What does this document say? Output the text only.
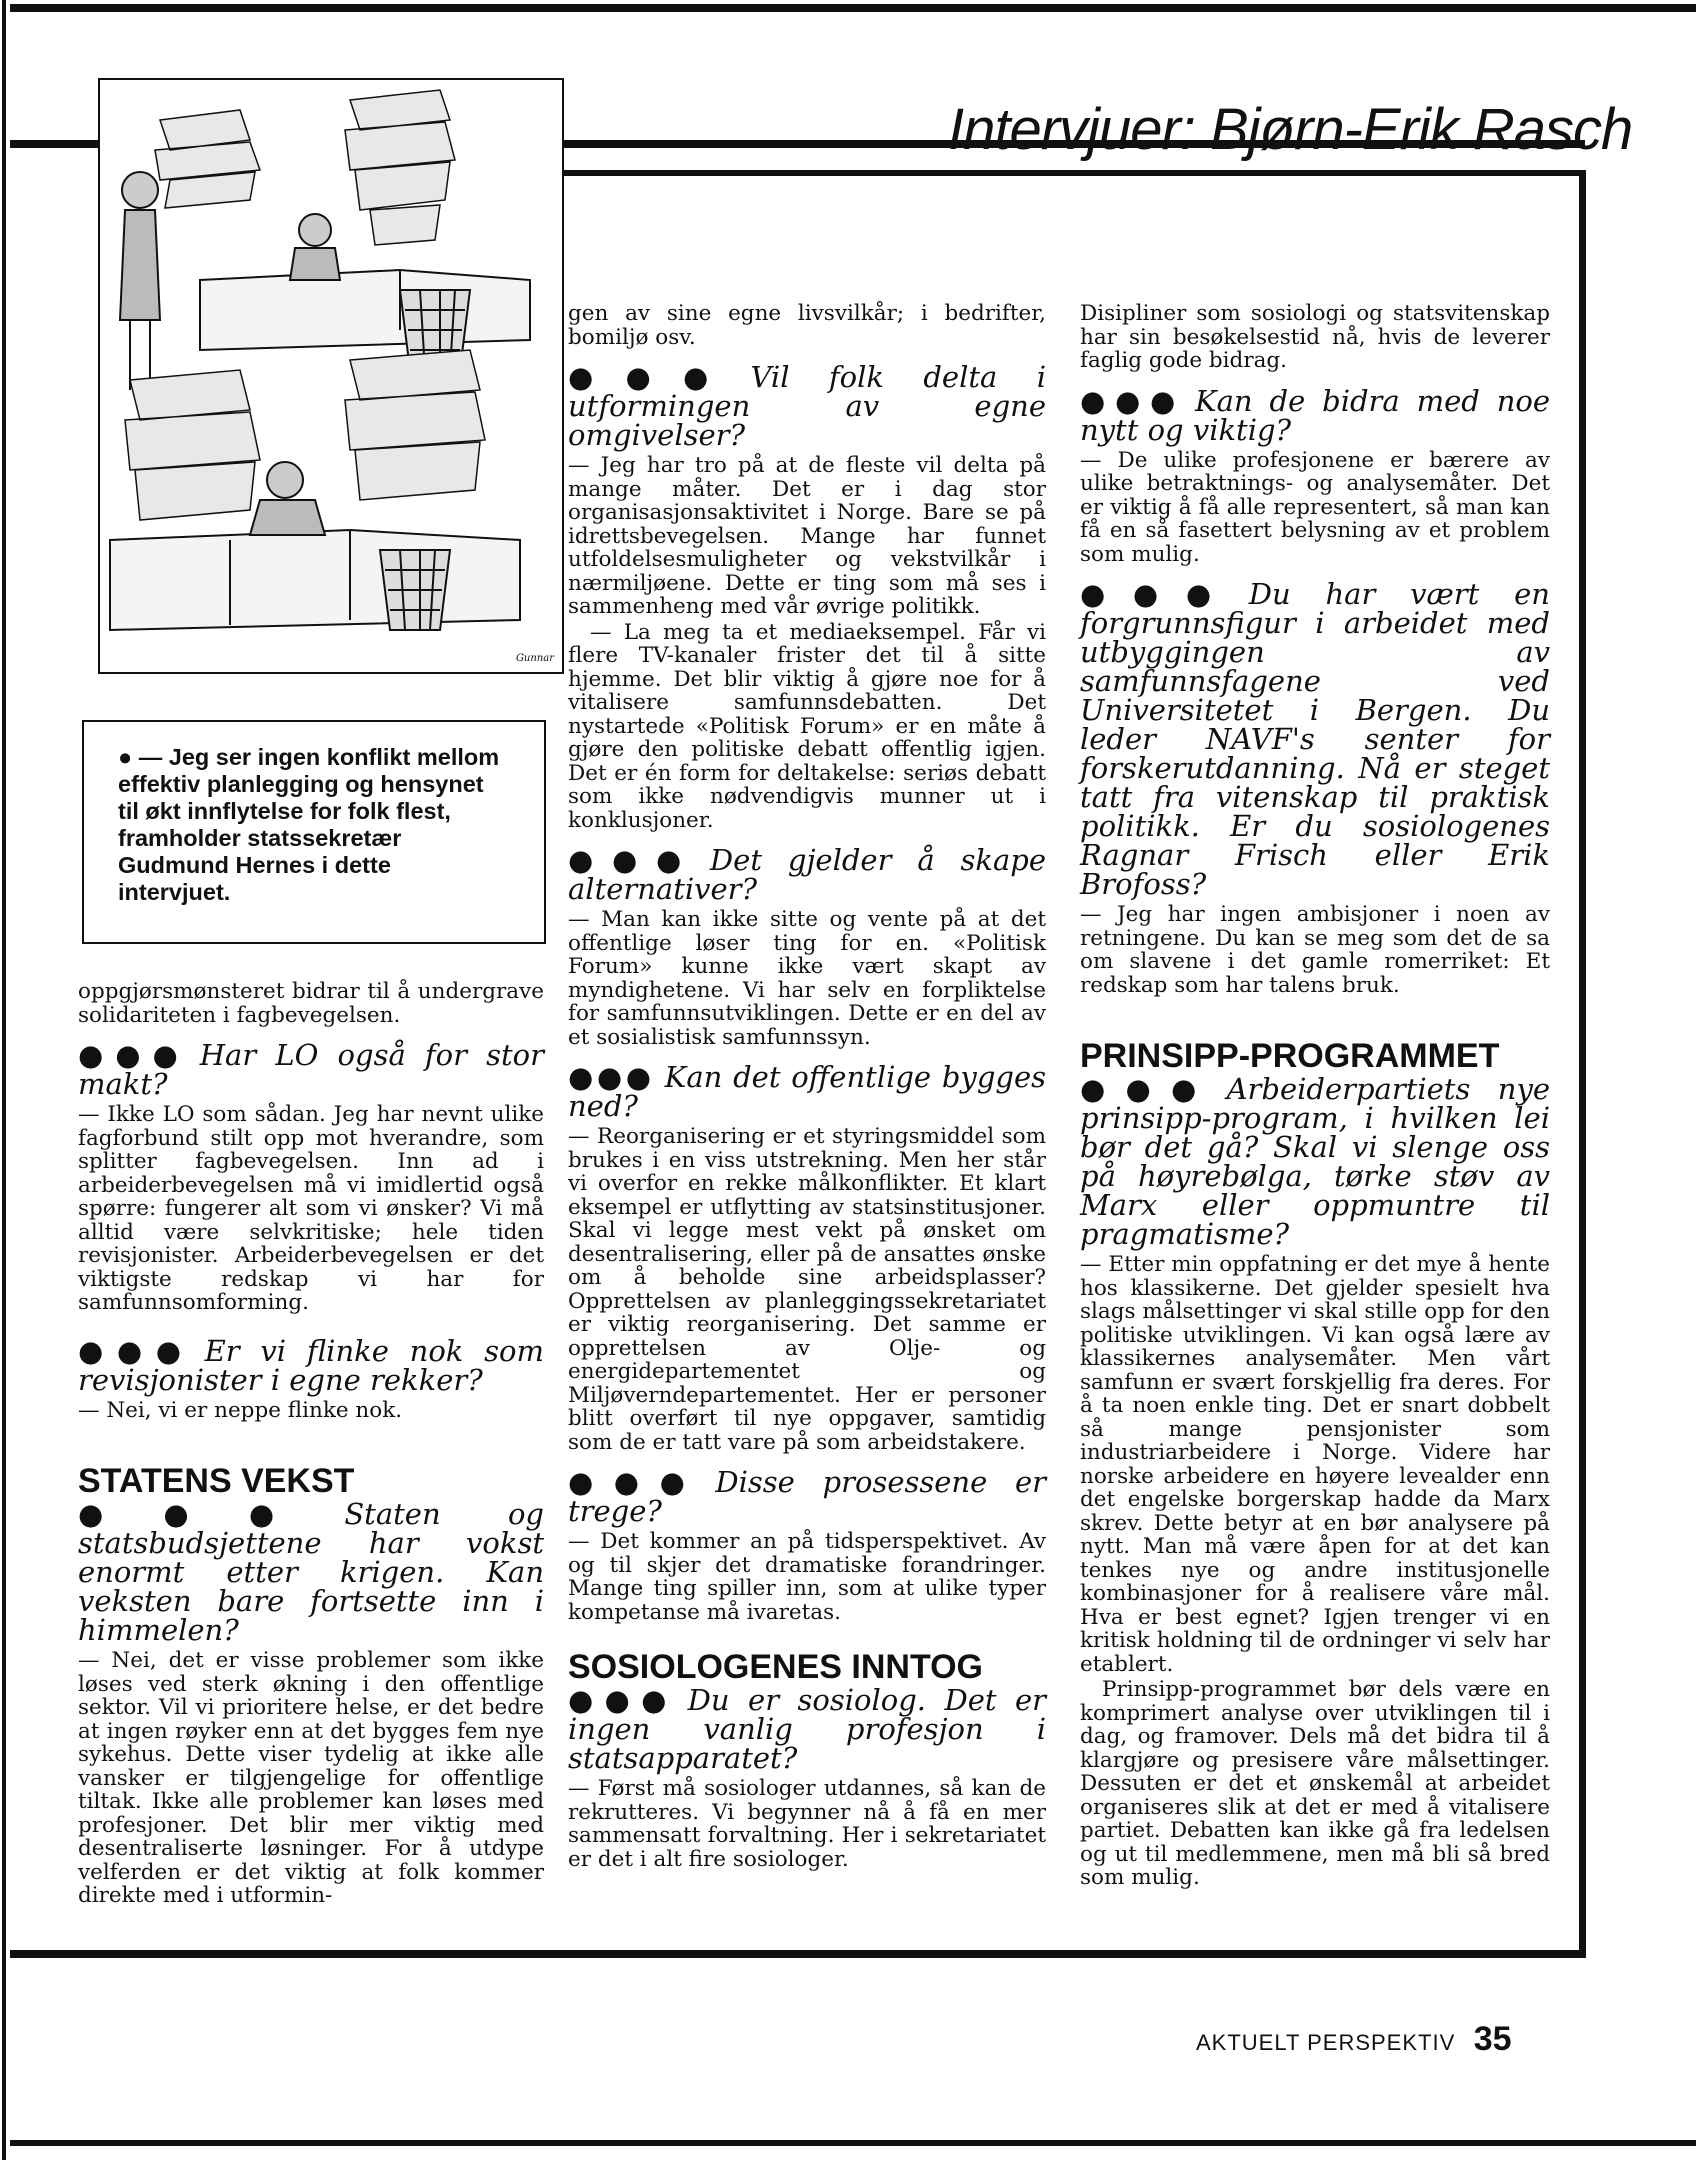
Intervjuer: Bjørn-Erik Rasch
Gunnar
● — Jeg ser ingen konflikt mellom effektiv planlegging og hensynet til økt innflytelse for folk flest, framholder statssekretær Gudmund Hernes i dette intervjuet.

oppgjørsmønsteret bidrar til å undergrave solidariteten i fagbevegelsen.

●●● Har LO også for stor makt?

— Ikke LO som sådan. Jeg har nevnt ulike fagforbund stilt opp mot hverandre, som splitter fagbevegelsen. Inn ad i arbeiderbevegelsen må vi imidlertid også spørre: fungerer alt som vi ønsker? Vi må alltid være selvkritiske; hele tiden revisjonister. Arbeiderbevegelsen er det viktigste redskap vi har for samfunnsomforming.

●●● Er vi flinke nok som revisjonister i egne rekker?

— Nei, vi er neppe flinke nok.

STATENS VEKST
●●● Staten og statsbudsjettene har vokst enormt etter krigen. Kan veksten bare fortsette inn i himmelen?

— Nei, det er visse problemer som ikke løses ved sterk økning i den offentlige sektor. Vil vi prioritere helse, er det bedre at ingen røyker enn at det bygges fem nye sykehus. Dette viser tydelig at ikke alle vansker er tilgjengelige for offentlige tiltak. Ikke alle problemer kan løses med profesjoner. Det blir mer viktig med desentraliserte løsninger. For å utdype velferden er det viktig at folk kommer direkte med i utformin-

gen av sine egne livsvilkår; i bedrifter, bomiljø osv.

●●● Vil folk delta i utformingen av egne omgivelser?

— Jeg har tro på at de fleste vil delta på mange måter. Det er i dag stor organisasjonsaktivitet i Norge. Bare se på idrettsbevegelsen. Mange har funnet utfoldelsesmuligheter og vekstvilkår i nærmiljøene. Dette er ting som må ses i sammenheng med vår øvrige politikk.

— La meg ta et mediaeksempel. Får vi flere TV-kanaler frister det til å sitte hjemme. Det blir viktig å gjøre noe for å vitalisere samfunnsdebatten. Det nystartede «Politisk Forum» er en måte å gjøre den politiske debatt offentlig igjen. Det er én form for deltakelse: seriøs debatt som ikke nødvendigvis munner ut i konklusjoner.

●●● Det gjelder å skape alternativer?

— Man kan ikke sitte og vente på at det offentlige løser ting for en. «Politisk Forum» kunne ikke vært skapt av myndighetene. Vi har selv en forpliktelse for samfunnsutviklingen. Dette er en del av et sosialistisk samfunnssyn.

●●● Kan det offentlige bygges ned?

— Reorganisering er et styringsmiddel som brukes i en viss utstrekning. Men her står vi overfor en rekke målkonflikter. Et klart eksempel er utflytting av statsinstitusjoner. Skal vi legge mest vekt på ønsket om desentralisering, eller på de ansattes ønske om å beholde sine arbeidsplasser? Opprettelsen av planleggingssekretariatet er viktig reorganisering. Det samme er opprettelsen av Olje- og energidepartementet og Miljøverndepartementet. Her er personer blitt overført til nye oppgaver, samtidig som de er tatt vare på som arbeidstakere.

●●● Disse prosessene er trege?

— Det kommer an på tidsperspektivet. Av og til skjer det dramatiske forandringer. Mange ting spiller inn, som at ulike typer kompetanse må ivaretas.

SOSIOLOGENES INNTOG
●●● Du er sosiolog. Det er ingen vanlig profesjon i statsapparatet?

— Først må sosiologer utdannes, så kan de rekrutteres. Vi begynner nå å få en mer sammensatt forvaltning. Her i sekretariatet er det i alt fire sosiologer.

Disipliner som sosiologi og statsvitenskap har sin besøkelsestid nå, hvis de leverer faglig gode bidrag.

●●● Kan de bidra med noe nytt og viktig?

— De ulike profesjonene er bærere av ulike betraktnings- og analysemåter. Det er viktig å få alle representert, så man kan få en så fasettert belysning av et problem som mulig.

●●● Du har vært en forgrunnsfigur i arbeidet med utbyggingen av samfunnsfagene ved Universitetet i Bergen. Du leder NAVF's senter for forskerutdanning. Nå er steget tatt fra vitenskap til praktisk politikk. Er du sosiologenes Ragnar Frisch eller Erik Brofoss?

— Jeg har ingen ambisjoner i noen av retningene. Du kan se meg som det de sa om slavene i det gamle romerriket: Et redskap som har talens bruk.

PRINSIPP-PROGRAMMET
●●● Arbeiderpartiets nye prinsipp-program, i hvilken lei bør det gå? Skal vi slenge oss på høyrebølga, tørke støv av Marx eller oppmuntre til pragmatisme?

— Etter min oppfatning er det mye å hente hos klassikerne. Det gjelder spesielt hva slags målsettinger vi skal stille opp for den politiske utviklingen. Vi kan også lære av klassikernes analysemåter. Men vårt samfunn er svært forskjellig fra deres. For å ta noen enkle ting. Det er snart dobbelt så mange pensjonister som industriarbeidere i Norge. Videre har norske arbeidere en høyere levealder enn det engelske borgerskap hadde da Marx skrev. Dette betyr at en bør analysere på nytt. Man må være åpen for at det kan tenkes nye og andre institusjonelle kombinasjoner for å realisere våre mål. Hva er best egnet? Igjen trenger vi en kritisk holdning til de ordninger vi selv har etablert.

Prinsipp-programmet bør dels være en komprimert analyse over utviklingen til i dag, og framover. Dels må det bidra til å klargjøre og presisere våre målsettinger. Dessuten er det et ønskemål at arbeidet organiseres slik at det er med å vitalisere partiet. Debatten kan ikke gå fra ledelsen og ut til medlemmene, men må bli så bred som mulig.

AKTUELT PERSPEKTIV 35
